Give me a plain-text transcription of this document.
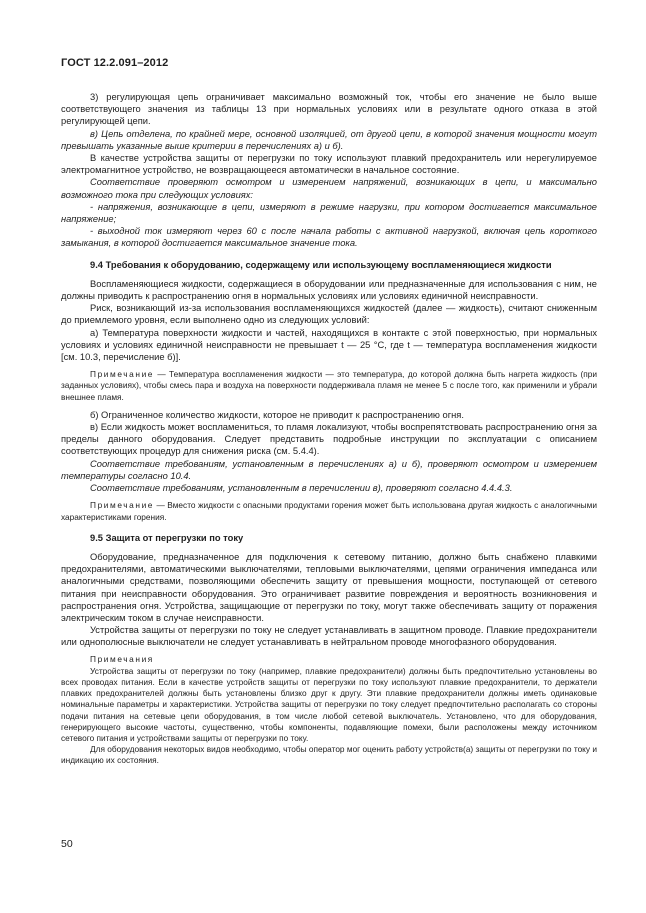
ГОСТ 12.2.091–2012

3) регулирующая цепь ограничивает максимально возможный ток, чтобы его значение не было выше соответствующего значения из таблицы 13 при нормальных условиях или в результате одного отказа в этой регулирующей цепи.

в) Цепь отделена, по крайней мере, основной изоляцией, от другой цепи, в которой значения мощности могут превышать указанные выше критерии в перечислениях а) и б).

В качестве устройства защиты от перегрузки по току используют плавкий предохранитель или нерегулируемое электромагнитное устройство, не возвращающееся автоматически в начальное состояние.

Соответствие проверяют осмотром и измерением напряжений, возникающих в цепи, и максимально возможного тока при следующих условиях:

- напряжения, возникающие в цепи, измеряют в режиме нагрузки, при котором достигается максимальное напряжение;

- выходной ток измеряют через 60 с после начала работы с активной нагрузкой, включая цепь короткого замыкания, в которой достигается максимальное значение тока.

9.4 Требования к оборудованию, содержащему или использующему воспламеняющиеся жидкости

Воспламеняющиеся жидкости, содержащиеся в оборудовании или предназначенные для использования с ним, не должны приводить к распространению огня в нормальных условиях или условиях единичной неисправности.

Риск, возникающий из-за использования воспламеняющихся жидкостей (далее — жидкость), считают сниженным до приемлемого уровня, если выполнено одно из следующих условий:

а) Температура поверхности жидкости и частей, находящихся в контакте с этой поверхностью, при нормальных условиях и условиях единичной неисправности не превышает t — 25 °С, где t — температура воспламенения жидкости [см. 10.3, перечисление б)].

Примечание — Температура воспламенения жидкости — это температура, до которой должна быть нагрета жидкость (при заданных условиях), чтобы смесь пара и воздуха на поверхности поддерживала пламя не менее 5 с после того, как применили и убрали внешнее пламя.

б) Ограниченное количество жидкости, которое не приводит к распространению огня.

в) Если жидкость может воспламениться, то пламя локализуют, чтобы воспрепятствовать распространению огня за пределы данного оборудования. Следует представить подробные инструкции по эксплуатации с описанием соответствующих процедур для снижения риска (см. 5.4.4).

Соответствие требованиям, установленным в перечислениях а) и б), проверяют осмотром и измерением температуры согласно 10.4.

Соответствие требованиям, установленным в перечислении в), проверяют согласно 4.4.4.3.

Примечание — Вместо жидкости с опасными продуктами горения может быть использована другая жидкость с аналогичными характеристиками горения.
9.5 Защита от перегрузки по току

Оборудование, предназначенное для подключения к сетевому питанию, должно быть снабжено плавкими предохранителями, автоматическими выключателями, тепловыми выключателями, цепями ограничения импеданса или аналогичными средствами, позволяющими обеспечить защиту от превышения мощности, поступающей от сетевого питания при неисправности оборудования. Это ограничивает развитие повреждения и вероятность возникновения и распространения огня. Устройства, защищающие от перегрузки по току, могут также обеспечивать защиту от поражения электрическим током в случае неисправности.

Устройства защиты от перегрузки по току не следует устанавливать в защитном проводе. Плавкие предохранители или однополюсные выключатели не следует устанавливать в нейтральном проводе многофазного оборудования.

Примечания

Устройства защиты от перегрузки по току (например, плавкие предохранители) должны быть предпочтительно установлены во всех проводах питания. Если в качестве устройств защиты от перегрузки по току используют плавкие предохранители, то держатели плавких предохранителей должны быть установлены близко друг к другу. Эти плавкие предохранители должны иметь одинаковые номинальные параметры и характеристики. Устройства защиты от перегрузки по току следует предпочтительно располагать со стороны подачи питания на сетевые цепи оборудования, в том числе любой сетевой выключатель. Установлено, что для оборудования, генерирующего высокие частоты, существенно, чтобы компоненты, подавляющие помехи, были расположены между источником сетевого питания и устройствами защиты от перегрузки по току.

Для оборудования некоторых видов необходимо, чтобы оператор мог оценить работу устройств(а) защиты от перегрузки по току и индикацию их состояния.

50
